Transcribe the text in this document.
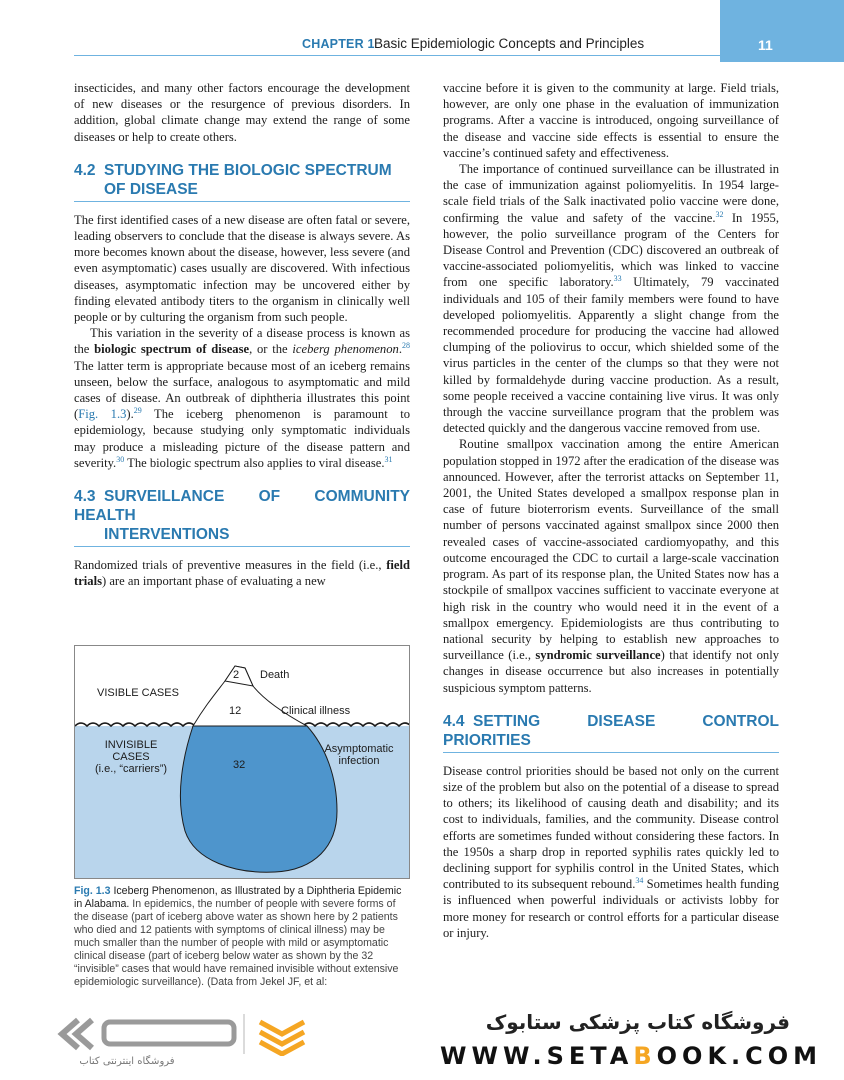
CHAPTER 1 Basic Epidemiologic Concepts and Principles	11

insecticides, and many other factors encourage the development of new diseases or the resurgence of previous disorders. In addition, global climate change may extend the range of some diseases or help to create others.

4.2 STUDYING THE BIOLOGIC SPECTRUM
OF DISEASE

The first identified cases of a new disease are often fatal or severe, leading observers to conclude that the disease is always severe. As more becomes known about the disease, however, less severe (and even asymptomatic) cases usually are discovered. With infectious diseases, asymptomatic infection may be uncovered either by finding elevated antibody titers to the organism in clinically well people or by culturing the organism from such people.

This variation in the severity of a disease process is known as the biologic spectrum of disease, or the iceberg phenomenon.$^{28}$ The latter term is appropriate because most of an iceberg remains unseen, below the surface, analogous to asymptomatic and mild cases of disease. An outbreak of diphtheria illustrates this point (Fig. 1.3).$^{29}$ The iceberg phenomenon is paramount to epidemiology, because studying only symptomatic individuals may produce a misleading picture of the disease pattern and severity.$^{30}$ The biologic spectrum also applies to viral disease.$^{31}$

4.3 SURVEILLANCE OF COMMUNITY HEALTH
INTERVENTIONS

Randomized trials of preventive measures in the field (i.e., field trials) are an important phase of evaluating a new

2 Death
12	Clinical illness
VISIBLE CASES
INVISIBLE
CASES
(i.e., “carriers”)	32
Asymptomatic
infection
Fig. 1.3 Iceberg Phenomenon, as Illustrated by a Diphtheria Epidemic in Alabama. In epidemics, the number of people with severe forms of the disease (part of iceberg above water as shown here by 2 patients who died and 12 patients with symptoms of clinical illness) may be much smaller than the number of people with mild or asymptomatic clinical disease (part of iceberg below water as shown by the 32 “invisible” cases that would have remained invisible without extensive epidemiologic surveillance). (Data from Jekel JF, et al:

vaccine before it is given to the community at large. Field trials, however, are only one phase in the evaluation of immunization programs. After a vaccine is introduced, ongoing surveillance of the disease and vaccine side effects is essential to ensure the vaccine’s continued safety and effectiveness.

The importance of continued surveillance can be illustrated in the case of immunization against poliomyelitis. In 1954 large-scale field trials of the Salk inactivated polio vaccine were done, confirming the value and safety of the vaccine.$^{32}$ In 1955, however, the polio surveillance program of the Centers for Disease Control and Prevention (CDC) discovered an outbreak of vaccine-associated poliomyelitis, which was linked to vaccine from one specific laboratory.$^{33}$ Ultimately, 79 vaccinated individuals and 105 of their family members were found to have developed poliomyelitis. Apparently a slight change from the recommended procedure for producing the vaccine had allowed clumping of the poliovirus to occur, which shielded some of the virus particles in the center of the clumps so that they were not killed by formaldehyde during vaccine production. As a result, some people received a vaccine containing live virus. It was only through the vaccine surveillance program that the problem was detected quickly and the dangerous vaccine removed from use.

Routine smallpox vaccination among the entire American population stopped in 1972 after the eradication of the disease was announced. However, after the terrorist attacks on September 11, 2001, the United States developed a smallpox response plan in case of future bioterrorism events. Surveillance of the small number of persons vaccinated against smallpox since 2000 then revealed cases of vaccine-associated cardiomyopathy, and this outcome encouraged the CDC to curtail a large-scale vaccination program. As part of its response plan, the United States now has a stockpile of smallpox vaccines sufficient to vaccinate everyone at high risk in the country who would need it in the event of a smallpox emergency. Epidemiologists are thus contributing to national security by helping to establish new approaches to surveillance (i.e., syndromic surveillance) that identify not only changes in disease occurrence but also increases in potentially suspicious symptom patterns.

4.4 SETTING DISEASE CONTROL PRIORITIES

Disease control priorities should be based not only on the current size of the problem but also on the potential of a disease to spread to others; its likelihood of causing death and disability; and its cost to individuals, families, and the community. Disease control efforts are sometimes funded without considering these factors. In the 1950s a sharp drop in reported syphilis rates quickly led to declining support for syphilis control in the United States, which contributed to its subsequent rebound.$^{34}$ Sometimes health funding is influenced when powerful individuals or activists lobby for more money for research or control efforts for a particular disease or injury.

فروشگاه اینترنتی کتاب
فروشگاه کتاب پزشکی ستابوک
WWW.SETABOOK.COM
